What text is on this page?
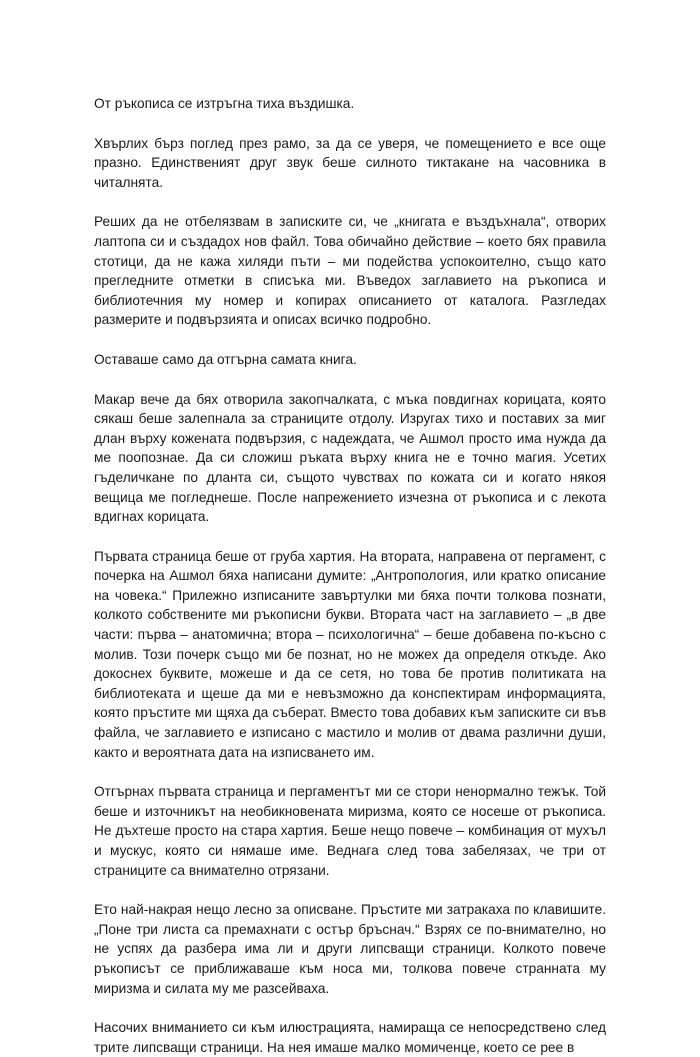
От ръкописа се изтръгна тиха въздишка.

Хвърлих бърз поглед през рамо, за да се уверя, че помещението е все още празно. Единственият друг звук беше силното тиктакане на часовника в читалнята.

Реших да не отбелязвам в записките си, че „книгата е въздъхнала“, отворих лаптопа си и създадох нов файл. Това обичайно действие – което бях правила стотици, да не кажа хиляди пъти – ми подейства успокоително, също като прегледните отметки в списъка ми. Въведох заглавието на ръкописа и библиотечния му номер и копирах описанието от каталога. Разгледах размерите и подвързията и описах всичко подробно.

Оставаше само да отгърна самата книга.

Макар вече да бях отворила закопчалката, с мъка повдигнах корицата, която сякаш беше залепнала за страниците отдолу. Изругах тихо и поставих за миг длан върху кожената подвързия, с надеждата, че Ашмол просто има нужда да ме поопознае. Да си сложиш ръката върху книга не е точно магия. Усетих гъделичкане по дланта си, същото чувствах по кожата си и когато някоя вещица ме погледнеше. После напрежението изчезна от ръкописа и с лекота вдигнах корицата.

Първата страница беше от груба хартия. На втората, направена от пергамент, с почерка на Ашмол бяха написани думите: „Антропология, или кратко описание на човека.“ Прилежно изписаните завъртулки ми бяха почти толкова познати, колкото собствените ми ръкописни букви. Втората част на заглавието – „в две части: първа – анатомична; втора – психологична“ – беше добавена по-късно с молив. Този почерк също ми бе познат, но не можех да определя откъде. Ако докоснех буквите, можеше и да се сетя, но това бе против политиката на библиотеката и щеше да ми е невъзможно да конспектирам информацията, която пръстите ми щяха да съберат. Вместо това добавих към записките си във файла, че заглавието е изписано с мастило и молив от двама различни души, както и вероятната дата на изписването им.

Отгърнах първата страница и пергаментът ми се стори ненормално тежък. Той беше и източникът на необикновената миризма, която се носеше от ръкописа. Не дъхтеше просто на стара хартия. Беше нещо повече – комбинация от мухъл и мускус, която си нямаше име. Веднага след това забелязах, че три от страниците са внимателно отрязани.

Ето най-накрая нещо лесно за описване. Пръстите ми затракаха по клавишите. „Поне три листа са премахнати с остър бръснач.“ Взрях се по-внимателно, но не успях да разбера има ли и други липсващи страници. Колкото повече ръкописът се приближаваше към носа ми, толкова повече странната му миризма и силата му ме разсейваха.

Насочих вниманието си към илюстрацията, намираща се непосредствено след трите липсващи страници. На нея имаше малко момиченце, което се рее в
